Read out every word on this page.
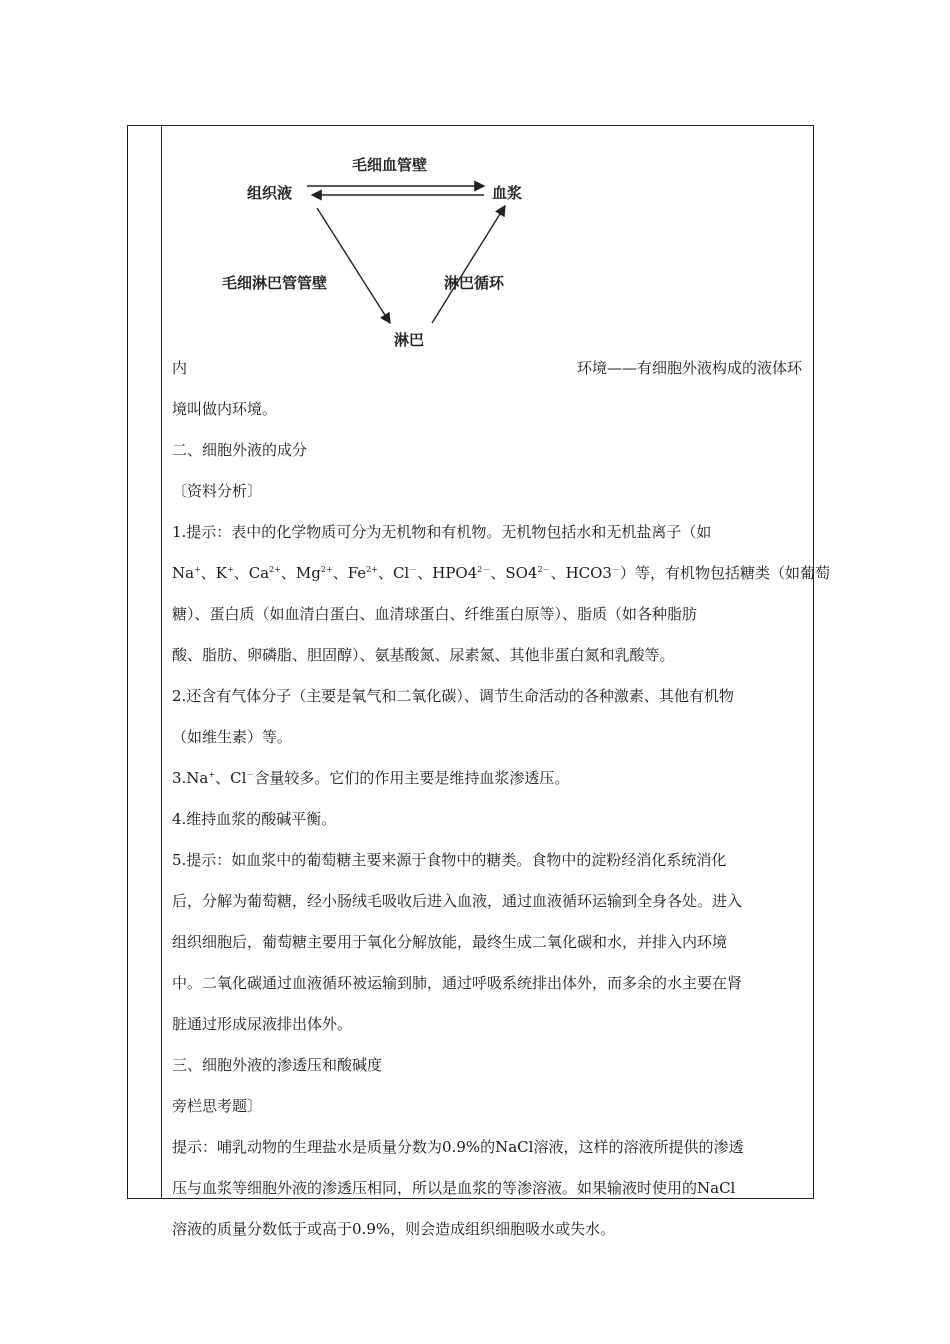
毛细血管壁
组织液	血浆
毛细淋巴管管壁	淋巴循环
淋巴
内	环境——有细胞外液构成的液体环
境叫做内环境。
二、细胞外液的成分
〔资料分析〕
1.提示：表中的化学物质可分为无机物和有机物。无机物包括水和无机盐离子（如
Na+、K+、$Ca^{2+}$、$Mg^{2+}$、$Fe^{2+}$、Cl－、$HPO4^{2-}$、$SO4^{2-}$、HCO3－）等，有机物包括糖类（如葡萄
糖）、蛋白质（如血清白蛋白、血清球蛋白、纤维蛋白原等）、脂质（如各种脂肪
酸、脂肪、卵磷脂、胆固醇）、氨基酸氮、尿素氮、其他非蛋白氮和乳酸等。
2.还含有气体分子（主要是氧气和二氧化碳）、调节生命活动的各种激素、其他有机物
（如维生素）等。
3.Na+、Cl－含量较多。它们的作用主要是维持血浆渗透压。
4.维持血浆的酸碱平衡。
5.提示：如血浆中的葡萄糖主要来源于食物中的糖类。食物中的淀粉经消化系统消化
后，分解为葡萄糖，经小肠绒毛吸收后进入血液，通过血液循环运输到全身各处。进入
组织细胞后，葡萄糖主要用于氧化分解放能，最终生成二氧化碳和水，并排入内环境
中。二氧化碳通过血液循环被运输到肺，通过呼吸系统排出体外，而多余的水主要在肾
脏通过形成尿液排出体外。
三、细胞外液的渗透压和酸碱度
旁栏思考题〕
提示：哺乳动物的生理盐水是质量分数为0.9%的NaCl溶液，这样的溶液所提供的渗透
压与血浆等细胞外液的渗透压相同，所以是血浆的等渗溶液。如果输液时使用的NaCl
溶液的质量分数低于或高于0.9%，则会造成组织细胞吸水或失水。
